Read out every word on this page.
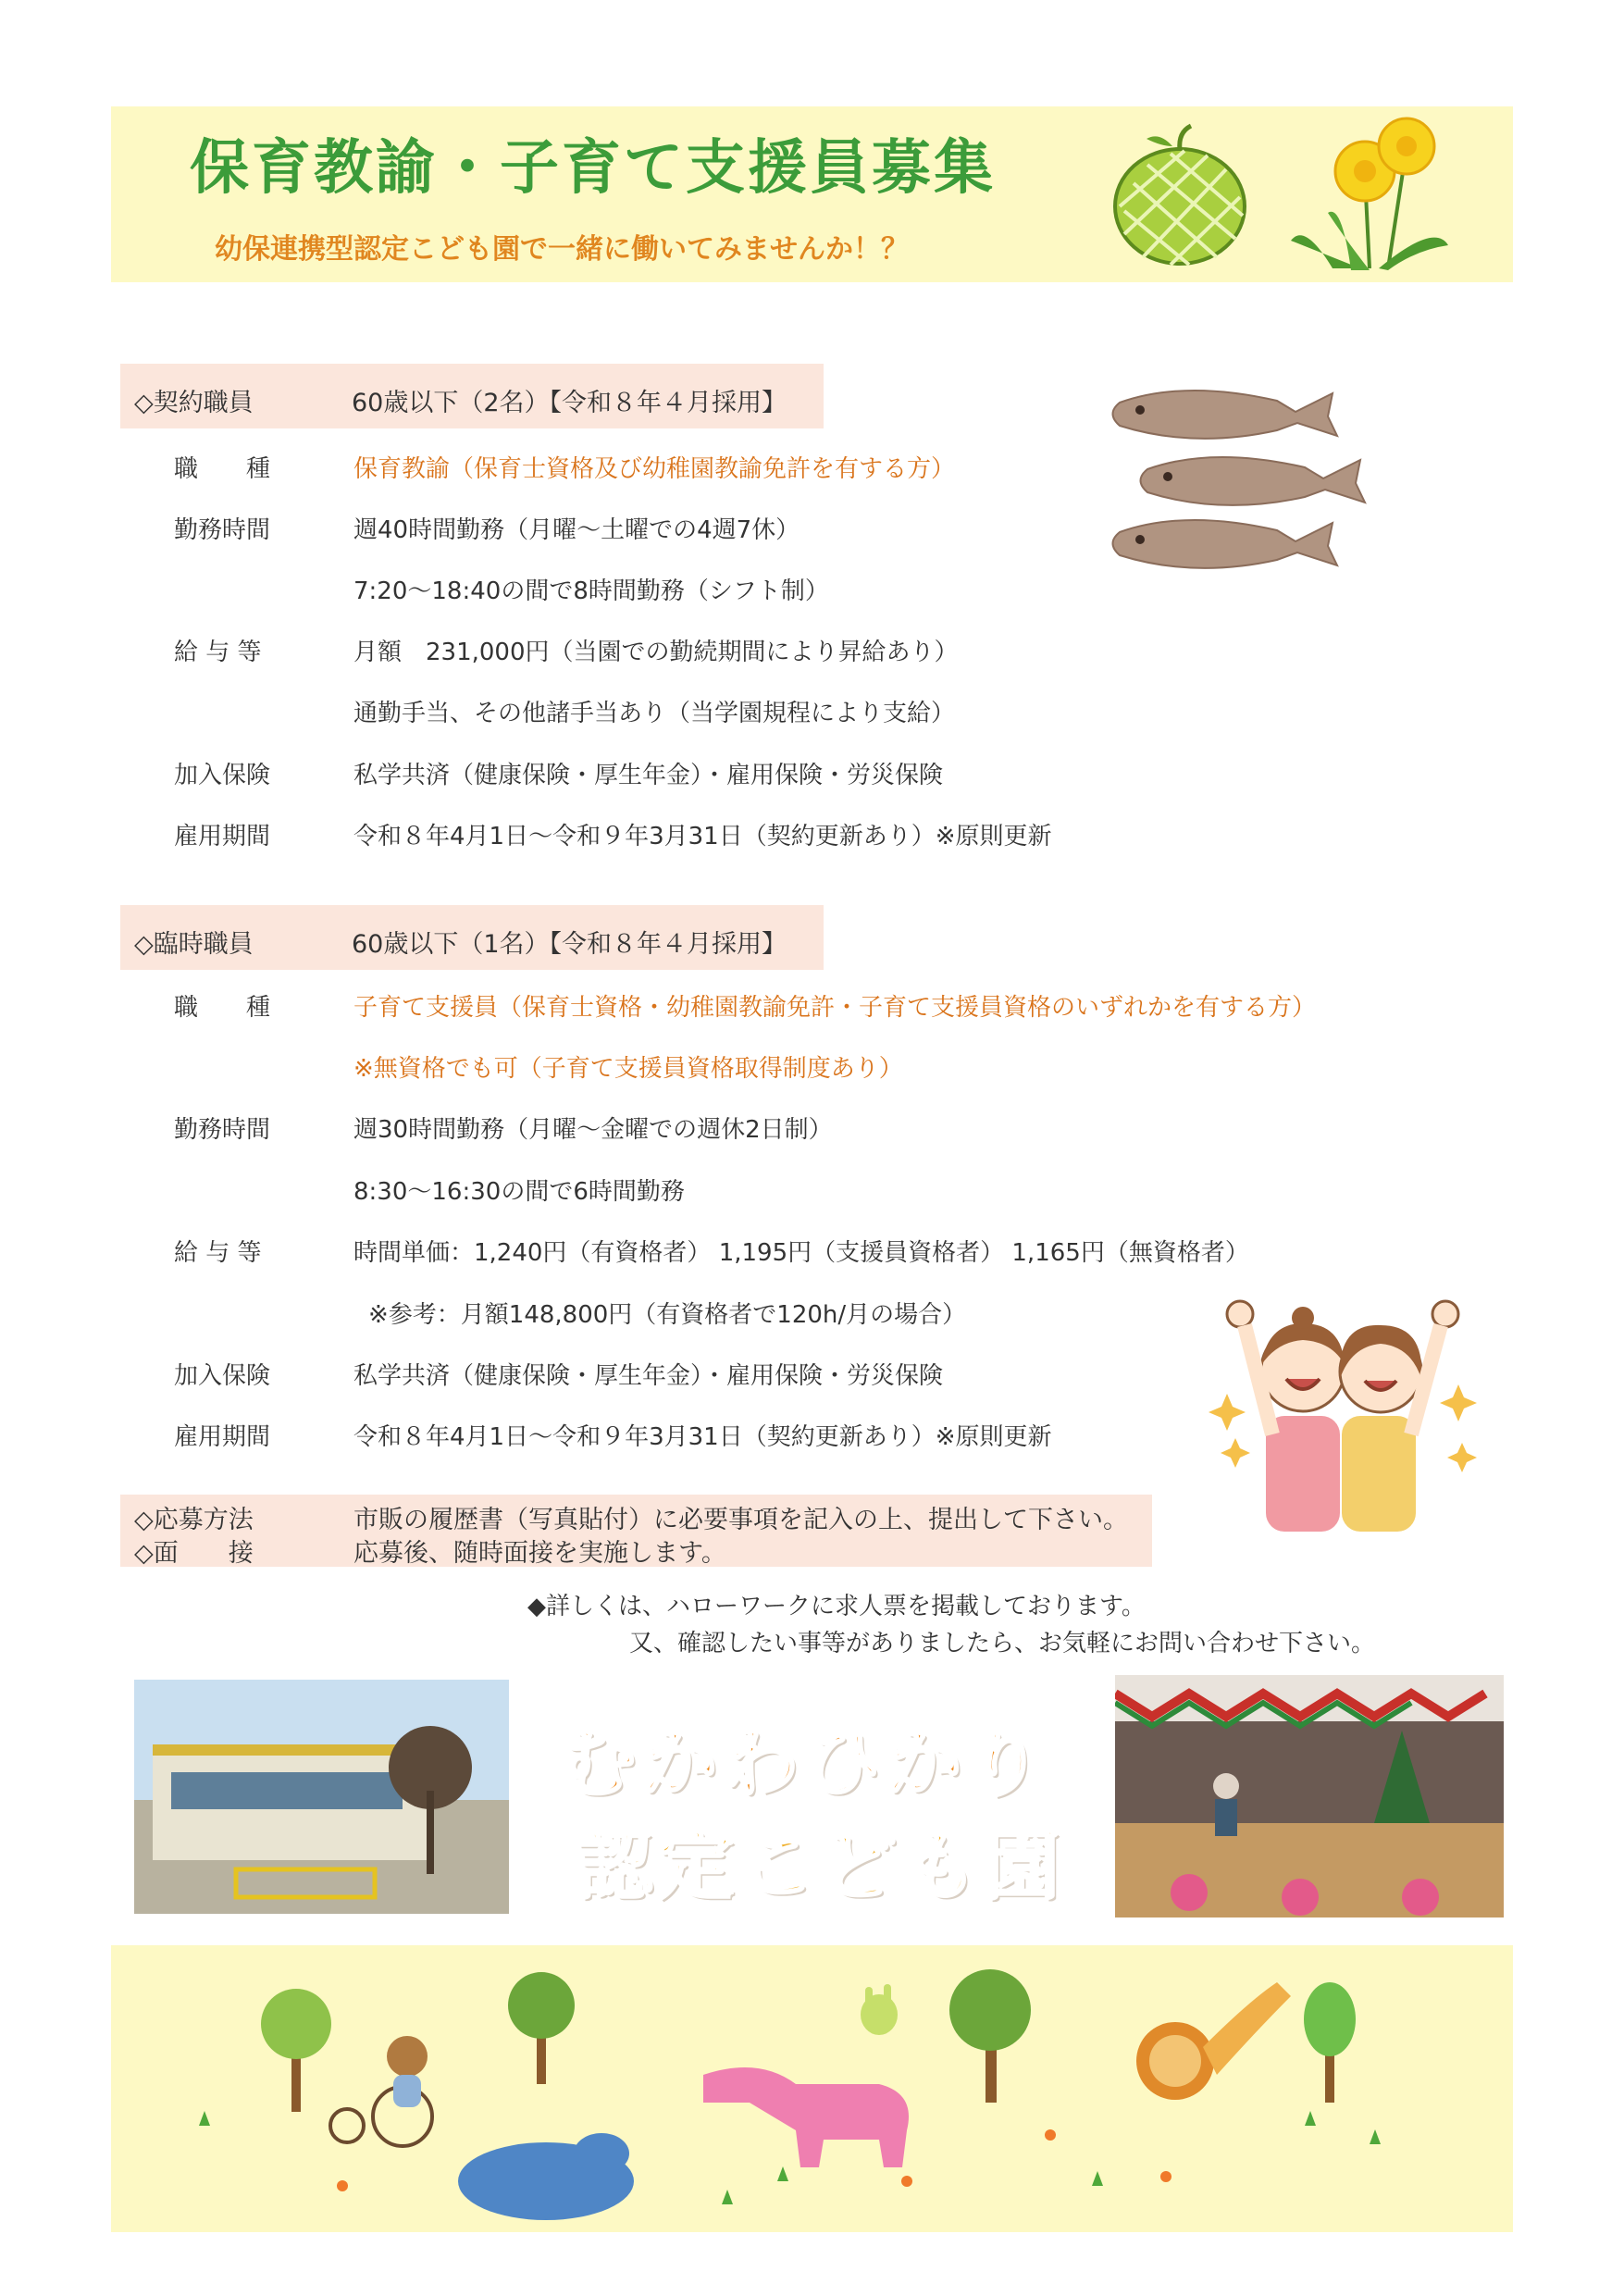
保育教諭・子育て支援員募集
幼保連携型認定こども園で一緒に働いてみませんか！？
◇契約職員	60歳以下（2名）【令和８年４月採用】
職　　種	保育教諭（保育士資格及び幼稚園教諭免許を有する方）
勤務時間	週40時間勤務（月曜～土曜での4週7休）
7:20～18:40の間で8時間勤務（シフト制）
給 与 等	月額　231,000円（当園での勤続期間により昇給あり）
通勤手当、その他諸手当あり（当学園規程により支給）
加入保険	私学共済（健康保険・厚生年金）・雇用保険・労災保険
雇用期間	令和８年4月1日～令和９年3月31日（契約更新あり）※原則更新
◇臨時職員	60歳以下（1名）【令和８年４月採用】
職　　種	子育て支援員（保育士資格・幼稚園教諭免許・子育て支援員資格のいずれかを有する方）
※無資格でも可（子育て支援員資格取得制度あり）
勤務時間	週30時間勤務（月曜～金曜での週休2日制）
8:30～16:30の間で6時間勤務
給 与 等	時間単価：1,240円（有資格者） 1,195円（支援員資格者） 1,165円（無資格者）
※参考：月額148,800円（有資格者で120h/月の場合）
加入保険	私学共済（健康保険・厚生年金）・雇用保険・労災保険
雇用期間	令和８年4月1日～令和９年3月31日（契約更新あり）※原則更新
◇応募方法	市販の履歴書（写真貼付）に必要事項を記入の上、提出して下さい。
◇面　　接	応募後、随時面接を実施します。
◆詳しくは、ハローワークに求人票を掲載しております。
又、確認したい事等がありましたら、お気軽にお問い合わせ下さい。
むかわひかり
認定こども園
